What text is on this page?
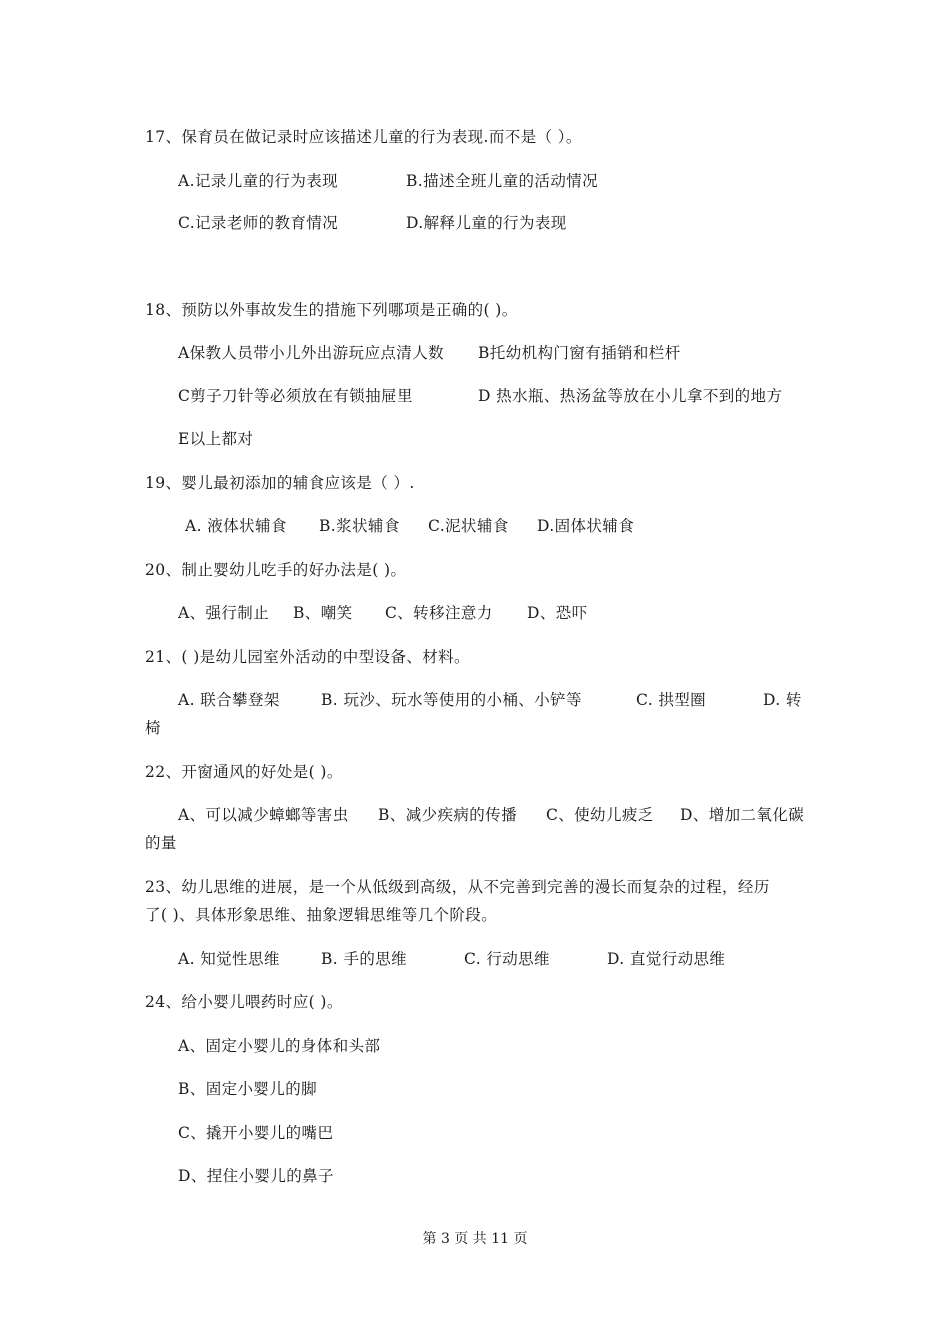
17、保育员在做记录时应该描述儿童的行为表现.而不是（ ）。
A.记录儿童的行为表现	B.描述全班儿童的活动情况
C.记录老师的教育情况	D.解释儿童的行为表现
18、预防以外事故发生的措施下列哪项是正确的( )。
A保教人员带小儿外出游玩应点清人数 B托幼机构门窗有插销和栏杆
C剪子刀针等必须放在有锁抽屉里	D 热水瓶、热汤盆等放在小儿拿不到的地方
E以上都对
19、婴儿最初添加的辅食应该是（ ）.
A. 液体状辅食 B.浆状辅食 C.泥状辅食 D.固体状辅食
20、制止婴幼儿吃手的好办法是( )。
A、强行制止 B、嘲笑 C、转移注意力 D、恐吓
21、( )是幼儿园室外活动的中型设备、材料。
A. 联合攀登架	B. 玩沙、玩水等使用的小桶、小铲等	C. 拱型圈	D. 转
椅
22、开窗通风的好处是( )。
A、可以减少蟑螂等害虫 B、减少疾病的传播 C、使幼儿疲乏 D、增加二氧化碳
的量
23、幼儿思维的进展，是一个从低级到高级，从不完善到完善的漫长而复杂的过程，经历
了( )、具体形象思维、抽象逻辑思维等几个阶段。
A. 知觉性思维	B. 手的思维	C. 行动思维	D. 直觉行动思维
24、给小婴儿喂药时应( )。
A、固定小婴儿的身体和头部
B、固定小婴儿的脚
C、撬开小婴儿的嘴巴
D、捏住小婴儿的鼻子
第 3 页 共 11 页
